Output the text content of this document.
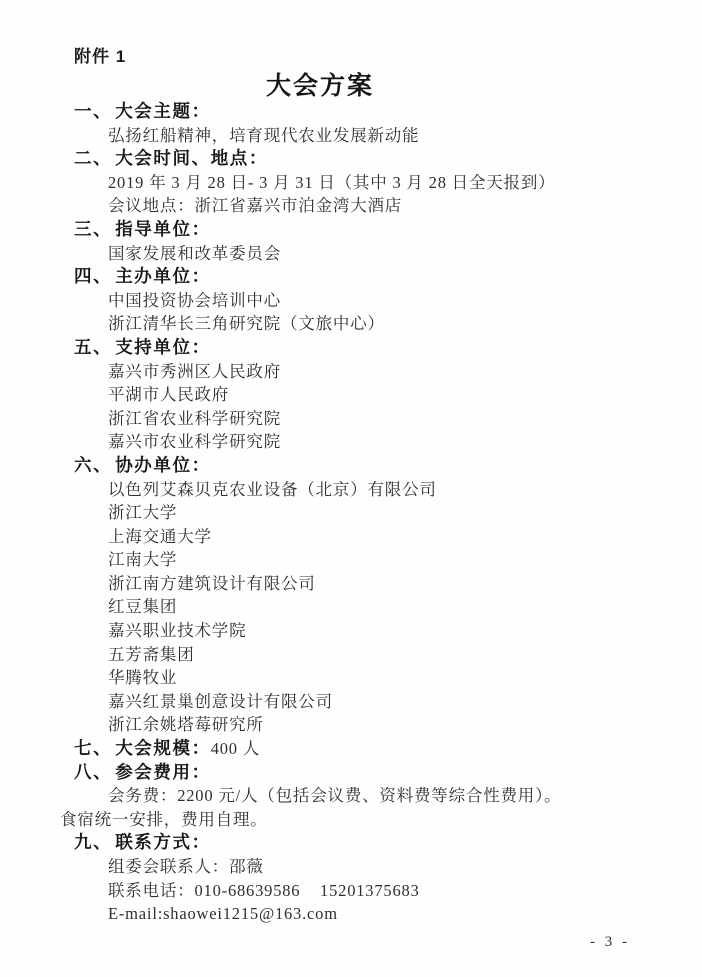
附件 1
大会方案
一、 大会主题：
弘扬红船精神，培育现代农业发展新动能
二、 大会时间、地点：
2019 年 3 月 28 日- 3 月 31 日（其中 3 月 28 日全天报到）
会议地点：浙江省嘉兴市泊金湾大酒店
三、 指导单位：
国家发展和改革委员会
四、 主办单位：
中国投资协会培训中心
浙江清华长三角研究院（文旅中心）
五、 支持单位：
嘉兴市秀洲区人民政府
平湖市人民政府
浙江省农业科学研究院
嘉兴市农业科学研究院
六、 协办单位：
以色列艾森贝克农业设备（北京）有限公司
浙江大学
上海交通大学
江南大学
浙江南方建筑设计有限公司
红豆集团
嘉兴职业技术学院
五芳斋集团
华腾牧业
嘉兴红景巢创意设计有限公司
浙江余姚塔莓研究所
七、 大会规模：400 人
八、 参会费用：
会务费：2200 元/人（包括会议费、资料费等综合性费用）。
食宿统一安排，费用自理。
九、 联系方式：
组委会联系人：邵薇
联系电话：010-68639586    15201375683
E-mail:shaowei1215@163.com
- 3 -
